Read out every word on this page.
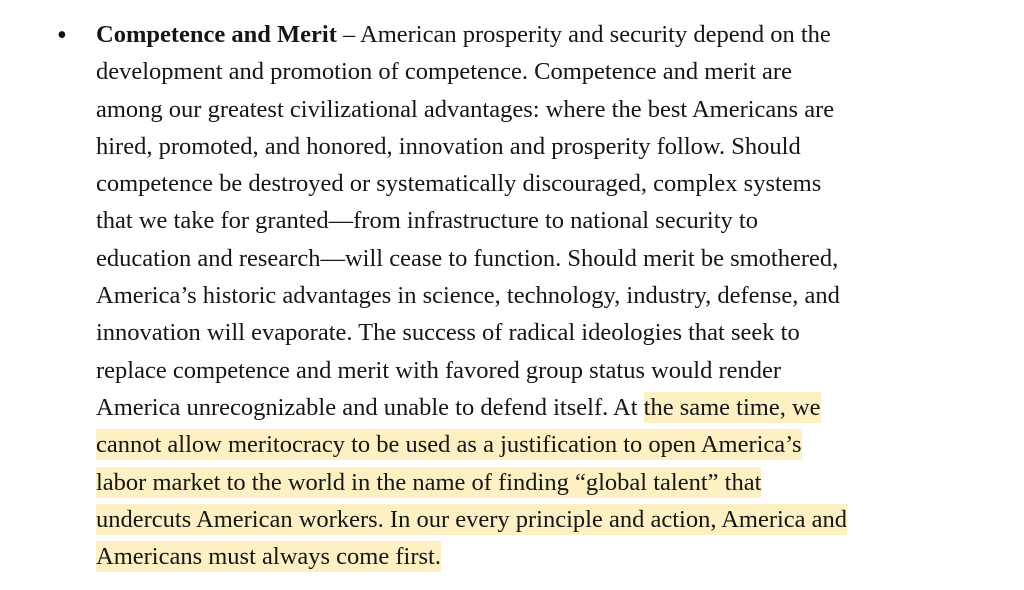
• Competence and Merit – American prosperity and security depend on the
development and promotion of competence. Competence and merit are
among our greatest civilizational advantages: where the best Americans are
hired, promoted, and honored, innovation and prosperity follow. Should
competence be destroyed or systematically discouraged, complex systems
that we take for granted—from infrastructure to national security to
education and research—will cease to function. Should merit be smothered,
America’s historic advantages in science, technology, industry, defense, and
innovation will evaporate. The success of radical ideologies that seek to
replace competence and merit with favored group status would render
America unrecognizable and unable to defend itself. At the same time, we
cannot allow meritocracy to be used as a justification to open America’s
labor market to the world in the name of finding “global talent” that
undercuts American workers. In our every principle and action, America and
Americans must always come first.
